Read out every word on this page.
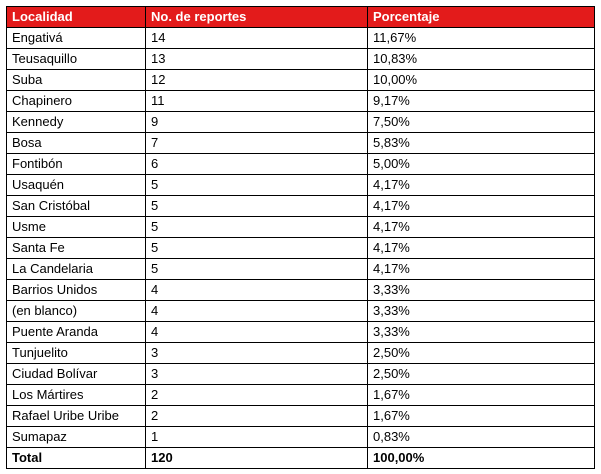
Localidad	No. de reportes	Porcentaje
Engativá	14	11,67%
Teusaquillo	13	10,83%
Suba	12	10,00%
Chapinero	11	9,17%
Kennedy	9	7,50%
Bosa	7	5,83%
Fontibón	6	5,00%
Usaquén	5	4,17%
San Cristóbal	5	4,17%
Usme	5	4,17%
Santa Fe	5	4,17%
La Candelaria	5	4,17%
Barrios Unidos	4	3,33%
(en blanco)	4	3,33%
Puente Aranda	4	3,33%
Tunjuelito	3	2,50%
Ciudad Bolívar	3	2,50%
Los Mártires	2	1,67%
Rafael Uribe Uribe	2	1,67%
Sumapaz	1	0,83%
Total	120	100,00%
